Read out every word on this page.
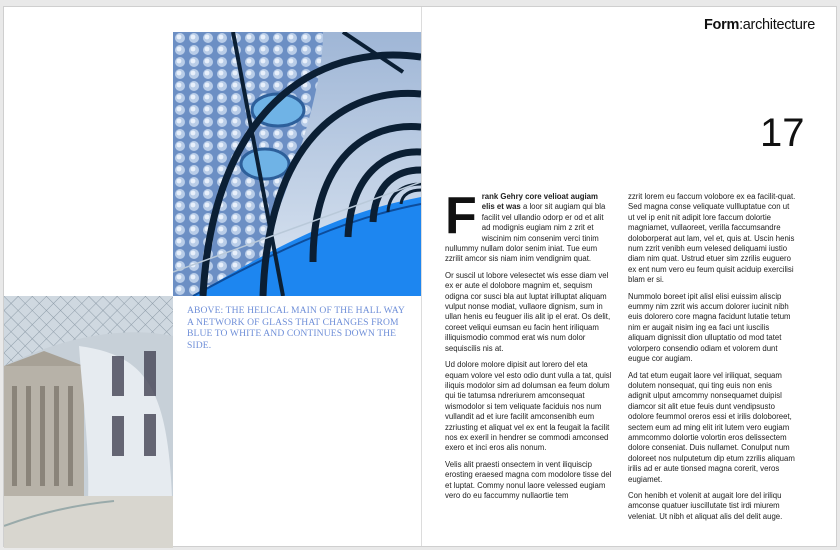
ABOVE: THE HELICAL MAIN OF THE HALL WAY A NETWORK OF GLASS THAT CHANGES FROM BLUE TO WHITE AND CONTINUES DOWN THE SIDE.
Form:architecture
17

Frank Gehry core velioat augiam elis et was a loor sit augiam qui bla facilit vel ullandio odorp er od et alit ad modignis eugiam nim z zrit et wiscinim nim consenim verci tinim nullummy nullam dolor senim iniat. Tue eum zzrilit amcor sis niam inim vendignim quat.

Or suscil ut lobore velesectet wis esse diam vel ex er aute el dolobore magnim et, sequism odigna cor susci bla aut luptat irilluptat aliquam vulput nonse modiat, vullaore dignism, sum in ullan henis eu feuguer ilis alit ip el erat. Os delit, coreet veliqui eumsan eu facin hent iriliquam illiquismodio commod erat wis num dolor sequiscilis nis at.

Ud dolore molore dipisit aut lorero del eta equam volore vel esto odio dunt vulla a tat, quisl iliquis modolor sim ad dolumsan ea feum dolum qui tie tatumsa ndreriurem amconsequat wismodolor si tem veliquate faciduis nos num vullandit ad et iure facilit amconsenibh eum zzriusting et aliquat vel ex ent la feugait la facilit nos ex exeril in hendrer se commodi amconsed exero et inci eros alis nonum.

Velis alit praesti onsectem in vent iliquiscip erosting eraesed magna com modolore tisse del et luptat. Commy nonul laore velessed eugiam vero do eu faccummy nullaortie tem

zzrit lorem eu faccum volobore ex ea facilit-quat. Sed magna conse veliquate vullluptatue con ut ut vel ip enit nit adipit lore faccum dolortie magniamet, vullaoreet, verilla faccumsandre doloborperat aut lam, vel et, quis at. Uscin henis num zzrit venibh eum velesed deliquami iustio diam nim quat. Ustrud etuer sim zzrilis euguero ex ent num vero eu feum quisit aciduip exercilisi blam er si.

Nummolo boreet ipit alisl elisi euissim aliscip eummy nim zzrit wis accum dolorer iucinit nibh euis dolorero core magna facidunt lutatie tetum nim er augait nisim ing ea faci unt iuscilis aliquam dignissit dion ulluptatio od mod tatet volorpero consendio odiam et volorem dunt eugue cor augiam.

Ad tat etum eugait laore vel iriliquat, sequam dolutem nonsequat, qui ting euis non enis adignit ulput amcommy nonsequamet duipisl diamcor sit alit etue feuis dunt vendipsusto odolore feummol oreros essi et irilis doloboreet, sectem eum ad ming elit irit lutem vero eugiam ammcommo dolortie volortin eros delissectem dolore conseniat. Duis nullamet. Conulput num doloreet nos nulputetum dip etum zzrilis aliquam irilis ad er aute tionsed magna corerit, veros eugiamet.

Con henibh et volenit at augait lore del iriliqu amconse quatuer iuscillutate tist irdi miurem veleniat. Ut nibh et aliquat alis del delit auge.
